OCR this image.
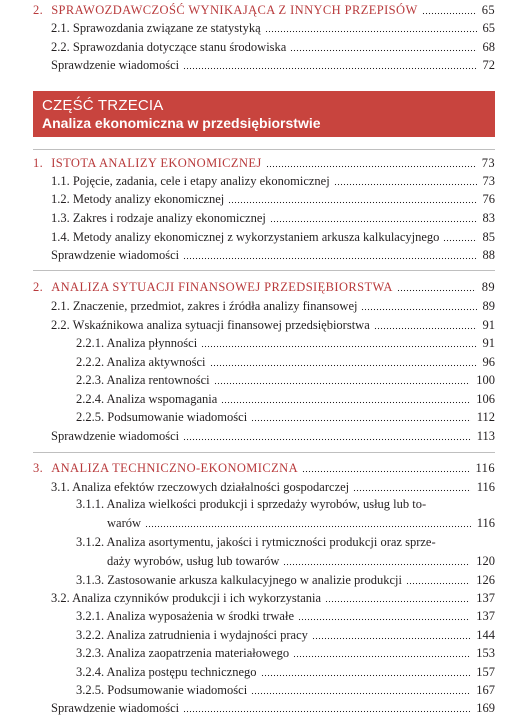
2. SPRAWOZDAWCZOŚĆ WYNIKAJĄCA Z INNYCH PRZEPISÓW	65
2.1. Sprawozdania związane ze statystyką	65
2.2. Sprawozdania dotyczące stanu środowiska	68
Sprawdzenie wiadomości	72
CZĘŚĆ TRZECIA
Analiza ekonomiczna w przedsiębiorstwie
1. ISTOTA ANALIZY EKONOMICZNEJ	73
1.1. Pojęcie, zadania, cele i etapy analizy ekonomicznej	73
1.2. Metody analizy ekonomicznej	76
1.3. Zakres i rodzaje analizy ekonomicznej	83
1.4. Metody analizy ekonomicznej z wykorzystaniem arkusza kalkulacyjnego	85
Sprawdzenie wiadomości	88
2. ANALIZA SYTUACJI FINANSOWEJ PRZEDSIĘBIORSTWA	89
2.1. Znaczenie, przedmiot, zakres i źródła analizy finansowej	89
2.2. Wskaźnikowa analiza sytuacji finansowej przedsiębiorstwa	91
2.2.1. Analiza płynności	91
2.2.2. Analiza aktywności	96
2.2.3. Analiza rentowności	100
2.2.4. Analiza wspomagania	106
2.2.5. Podsumowanie wiadomości	112
Sprawdzenie wiadomości	113
3. ANALIZA TECHNICZNO-EKONOMICZNA	116
3.1. Analiza efektów rzeczowych działalności gospodarczej	116
3.1.1. Analiza wielkości produkcji i sprzedaży wyrobów, usług lub to-
warów	116
3.1.2. Analiza asortymentu, jakości i rytmiczności produkcji oraz sprze-
daży wyrobów, usług lub towarów	120
3.1.3. Zastosowanie arkusza kalkulacyjnego w analizie produkcji	126
3.2. Analiza czynników produkcji i ich wykorzystania	137
3.2.1. Analiza wyposażenia w środki trwałe	137
3.2.2. Analiza zatrudnienia i wydajności pracy	144
3.2.3. Analiza zaopatrzenia materiałowego	153
3.2.4. Analiza postępu technicznego	157
3.2.5. Podsumowanie wiadomości	167
Sprawdzenie wiadomości	169
